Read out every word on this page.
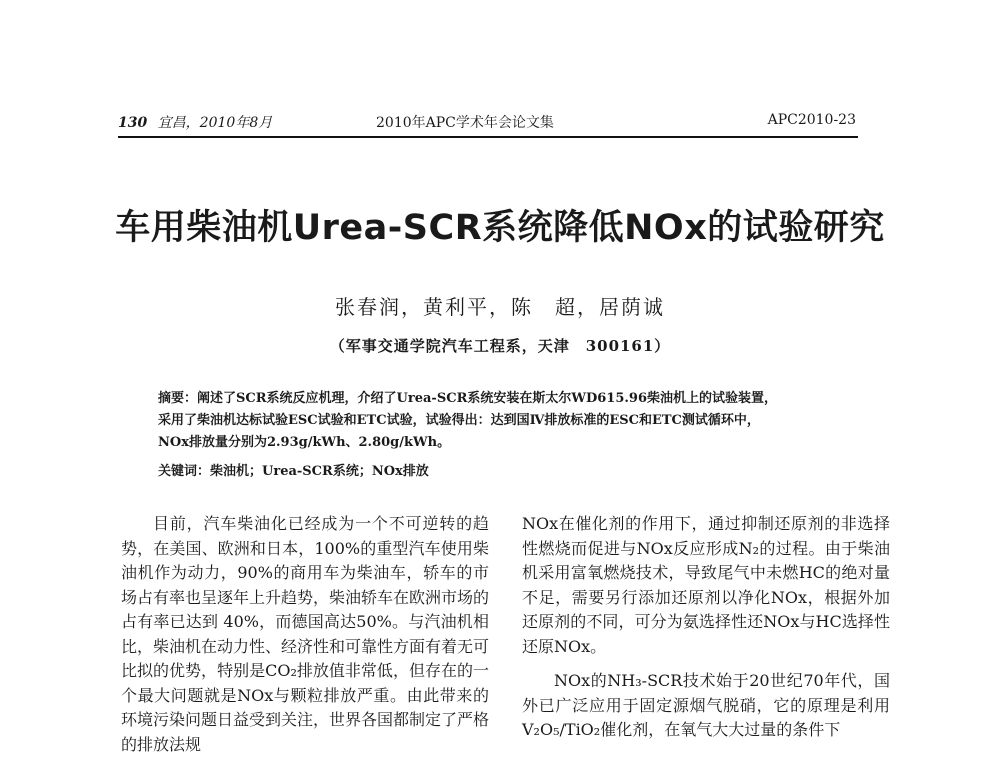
130 宜昌，2010年8月	2010年APC学术年会论文集	APC2010-23
车用柴油机Urea-SCR系统降低NOx的试验研究
张春润，黄利平，陈　超，居荫诚
（军事交通学院汽车工程系，天津　300161）

摘要：阐述了SCR系统反应机理，介绍了Urea-SCR系统安装在斯太尔WD615.96柴油机上的试验装置，

采用了柴油机达标试验ESC试验和ETC试验，试验得出：达到国Ⅳ排放标准的ESC和ETC测试循环中，

NOx排放量分别为2.93g/kWh、2.80g/kWh。

关键词：柴油机；Urea-SCR系统；NOx排放

目前，汽车柴油化已经成为一个不可逆转的趋势，在美国、欧洲和日本，100%的重型汽车使用柴油机作为动力，90%的商用车为柴油车，轿车的市场占有率也呈逐年上升趋势，柴油轿车在欧洲市场的占有率已达到 40%，而德国高达50%。与汽油机相比，柴油机在动力性、经济性和可靠性方面有着无可比拟的优势，特别是CO₂排放值非常低，但存在的一个最大问题就是NOx与颗粒排放严重。由此带来的环境污染问题日益受到关注，世界各国都制定了严格的排放法规

NOx在催化剂的作用下，通过抑制还原剂的非选择性燃烧而促进与NOx反应形成N₂的过程。由于柴油机采用富氧燃烧技术，导致尾气中未燃HC的绝对量不足，需要另行添加还原剂以净化NOx，根据外加还原剂的不同，可分为氨选择性还NOx与HC选择性还原NOx。

NOx的NH₃-SCR技术始于20世纪70年代，国外已广泛应用于固定源烟气脱硝，它的原理是利用V₂O₅/TiO₂催化剂，在氧气大大过量的条件下
